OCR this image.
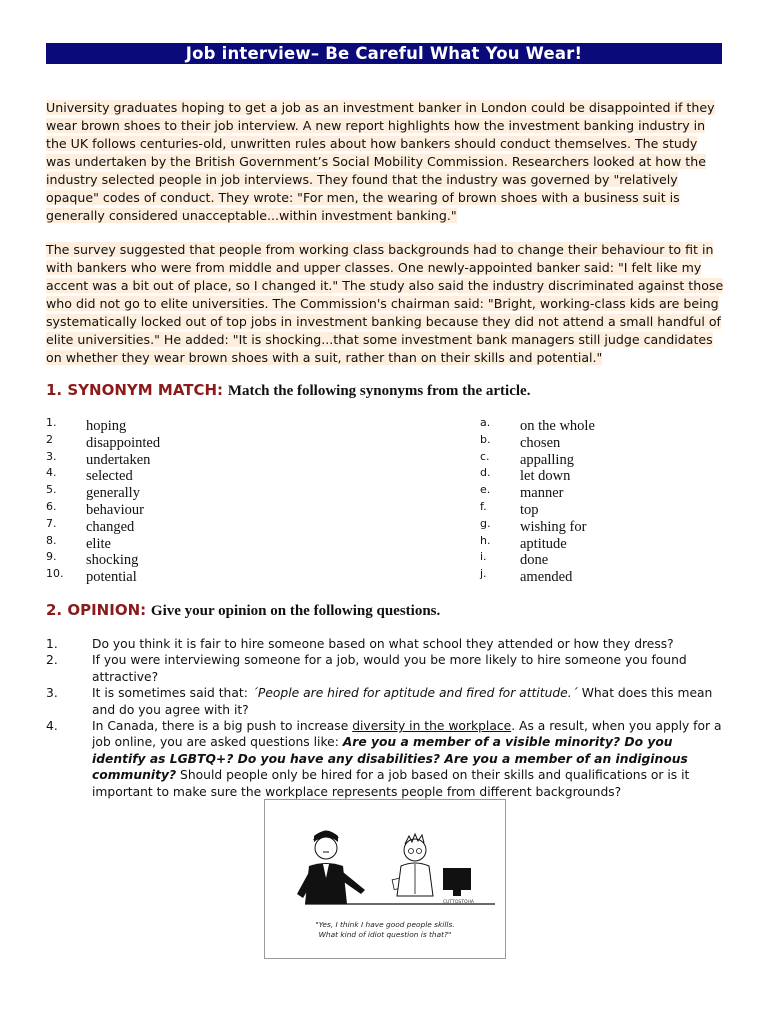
Job interview– Be Careful What You Wear!
University graduates hoping to get a job as an investment banker in London could be disappointed if they wear brown shoes to their job interview. A new report highlights how the investment banking industry in the UK follows centuries-old, unwritten rules about how bankers should conduct themselves. The study was undertaken by the British Government’s Social Mobility Commission. Researchers looked at how the industry selected people in job interviews. They found that the industry was governed by "relatively opaque" codes of conduct. They wrote: "For men, the wearing of brown shoes with a business suit is generally considered unacceptable...within investment banking."
The survey suggested that people from working class backgrounds had to change their behaviour to fit in with bankers who were from middle and upper classes. One newly-appointed banker said: "I felt like my accent was a bit out of place, so I changed it." The study also said the industry discriminated against those who did not go to elite universities. The Commission's chairman said: "Bright, working-class kids are being systematically locked out of top jobs in investment banking because they did not attend a small handful of elite universities." He added: "It is shocking...that some investment bank managers still judge candidates on whether they wear brown shoes with a suit, rather than on their skills and potential."
1. SYNONYM MATCH: Match the following synonyms from the article.
1. hoping
2 disappointed
3. undertaken
4. selected
5. generally
6. behaviour
7. changed
8. elite
9. shocking
10. potential
a. on the whole
b. chosen
c. appalling
d. let down
e. manner
f. top
g. wishing for
h. aptitude
i. done
j. amended
2. OPINION: Give your opinion on the following questions.
1.	Do you think it is fair to hire someone based on what school they attended or how they dress?
2.	If you were interviewing someone for a job, would you be more likely to hire someone you found attractive?
3.	It is sometimes said that: ´People are hired for aptitude and fired for attitude.´ What does this mean and do you agree with it?
4.	In Canada, there is a big push to increase diversity in the workplace. As a result, when you apply for a job online, you are asked questions like: Are you a member of a visible minority? Do you identify as LGBTQ+? Do you have any disabilities? Are you a member of an indiginous community? Should people only be hired for a job based on their skills and qualifications or is it important to make sure the workplace represents people from different backgrounds?
CUTTOSTOHA
"Yes, I think I have good people skills.
What kind of idiot question is that?"
